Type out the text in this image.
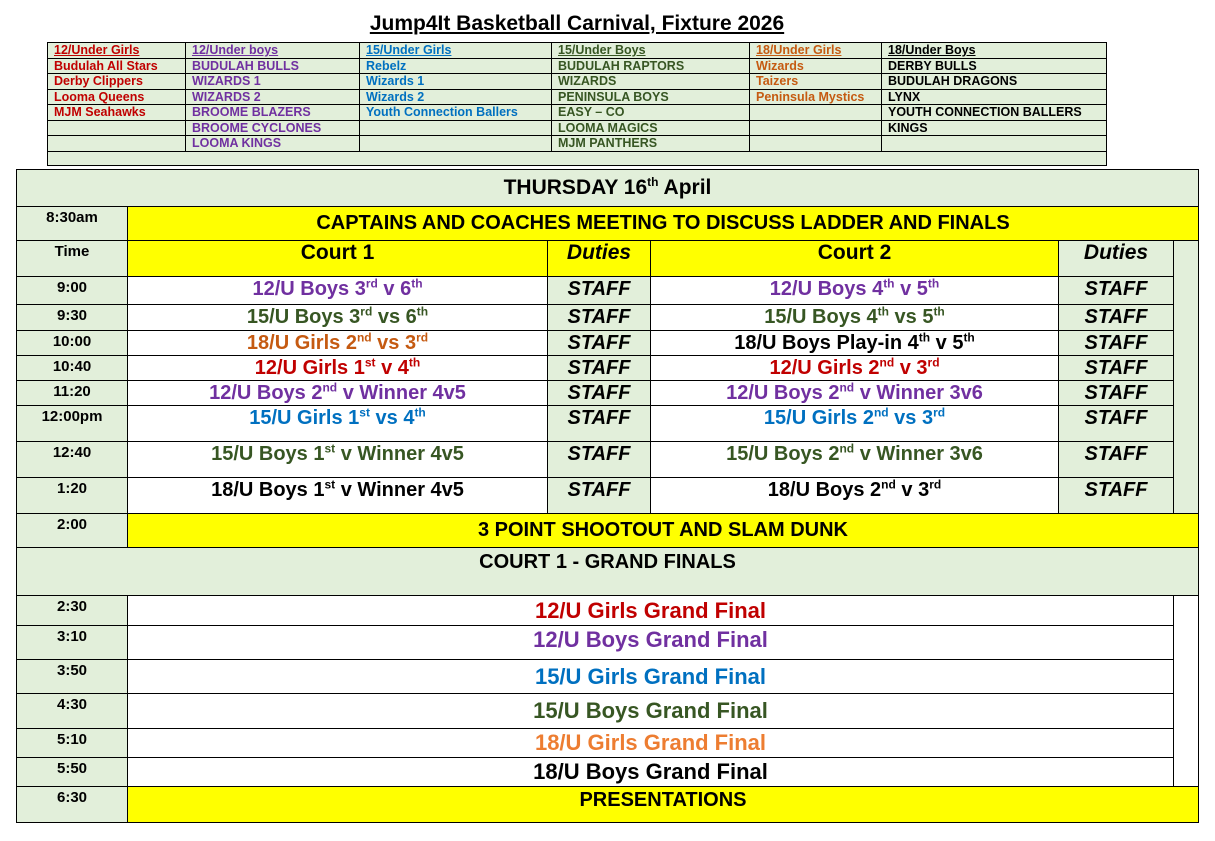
Jump4It Basketball Carnival, Fixture 2026
12/Under Girls	12/Under boys	15/Under Girls	15/Under Boys	18/Under Girls	18/Under Boys
Budulah All Stars	BUDULAH BULLS	Rebelz	BUDULAH RAPTORS	Wizards	DERBY BULLS
Derby Clippers	WIZARDS 1	Wizards 1	WIZARDS	Taizers	BUDULAH DRAGONS
Looma Queens	WIZARDS 2	Wizards 2	PENINSULA BOYS	Peninsula Mystics	LYNX
MJM Seahawks	BROOME BLAZERS	Youth Connection Ballers	EASY – CO		YOUTH CONNECTION BALLERS
	BROOME CYCLONES		LOOMA MAGICS		KINGS
	LOOMA KINGS		MJM PANTHERS		

THURSDAY 16th April					
8:30am	CAPTAINS AND COACHES MEETING TO DISCUSS LADDER AND FINALS				
Time	Court 1	Duties	Court 2	Duties	
9:00	12/U Boys 3rd v 6th	STAFF	12/U Boys 4th v 5th	STAFF	
9:30	15/U Boys 3rd vs 6th	STAFF	15/U Boys 4th vs 5th	STAFF	
10:00	18/U Girls 2nd vs 3rd	STAFF	18/U Boys Play-in 4th v 5th	STAFF	
10:40	12/U Girls 1st v 4th	STAFF	12/U Girls 2nd v 3rd	STAFF	
11:20	12/U Boys 2nd v Winner 4v5	STAFF	12/U Boys 2nd v Winner 3v6	STAFF	
12:00pm	15/U Girls 1st vs 4th	STAFF	15/U Girls 2nd vs 3rd	STAFF	
12:40	15/U Boys 1st v Winner 4v5	STAFF	15/U Boys 2nd v Winner 3v6	STAFF	
1:20	18/U Boys 1st v Winner 4v5	STAFF	18/U Boys 2nd v 3rd	STAFF	
2:00	3 POINT SHOOTOUT AND SLAM DUNK				
COURT 1 - GRAND FINALS					
2:30	12/U Girls Grand Final				
3:10	12/U Boys Grand Final				
3:50	15/U Girls Grand Final				
4:30	15/U Boys Grand Final				
5:10	18/U Girls Grand Final				
5:50	18/U Boys Grand Final				
6:30	PRESENTATIONS				
